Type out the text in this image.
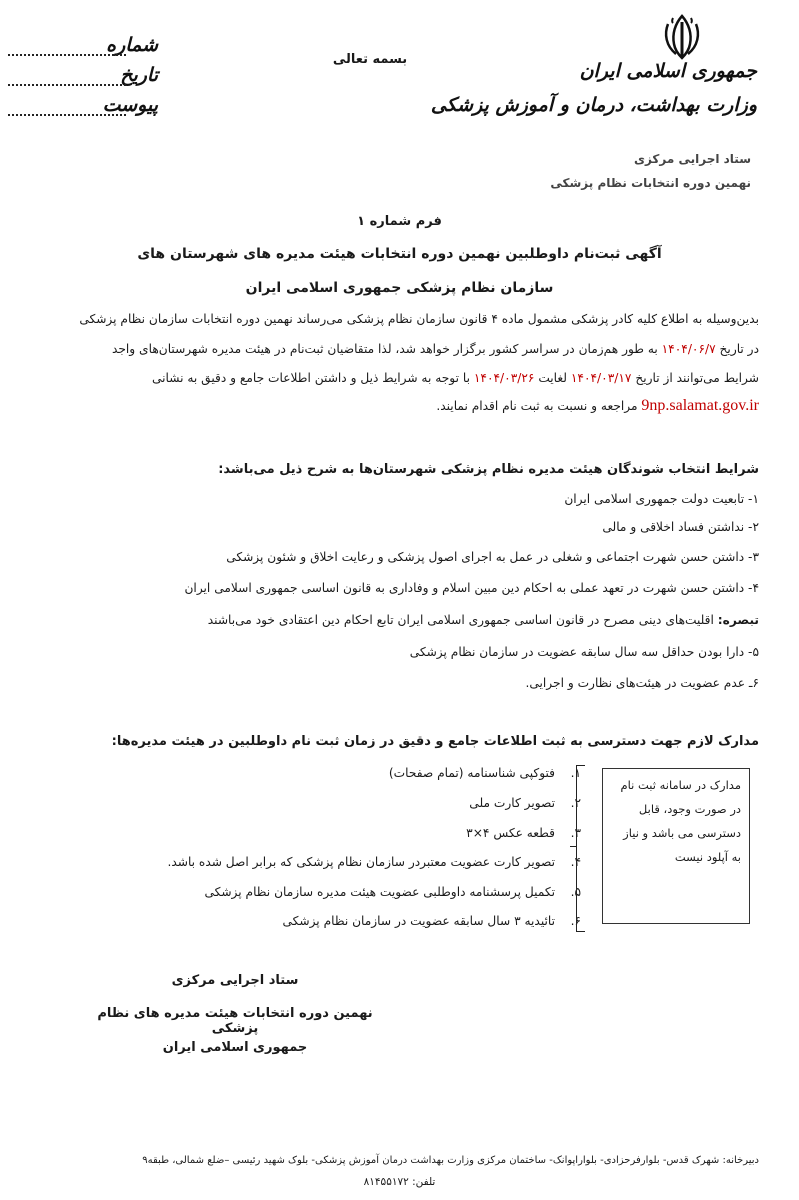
جمهوری اسلامی ایران
وزارت بهداشت، درمان و آموزش پزشکی
ستاد اجرایی مرکزی
نهمین دوره انتخابات نظام پزشکی
بسمه تعالی
شماره
تاریخ
پیوست
فرم شماره ۱
آگهی ثبت‌نام داوطلبین نهمین دوره انتخابات هیئت مدیره های شهرستان های
سازمان نظام پزشکی جمهوری اسلامی ایران
بدین‌وسیله به اطلاع کلیه کادر پزشکی مشمول ماده ۴ قانون سازمان نظام پزشکی می‌رساند نهمین دوره انتخابات سازمان نظام پزشکی
در تاریخ ۱۴۰۴/۰۶/۷ به طور هم‌زمان در سراسر کشور برگزار خواهد شد، لذا متقاضیان ثبت‌نام در هیئت مدیره شهرستان‌های واجد
شرایط می‌توانند از تاریخ ۱۴۰۴/۰۳/۱۷ لغایت ۱۴۰۴/۰۳/۲۶ با توجه به شرایط ذیل و داشتن اطلاعات جامع و دقیق به نشانی
9np.salamat.gov.ir مراجعه و نسبت به ثبت نام اقدام نمایند.
شرایط انتخاب شوندگان هیئت مدیره نظام پزشکی شهرستان‌ها به شرح ذیل می‌باشد:
۱- تابعیت دولت جمهوری اسلامی ایران
۲- نداشتن فساد اخلاقی و مالی
۳- داشتن حسن شهرت اجتماعی و شغلی در عمل به اجرای اصول پزشکی و رعایت اخلاق و شئون پزشکی
۴- داشتن حسن شهرت در تعهد عملی به احکام دین مبین اسلام و وفاداری به قانون اساسی جمهوری اسلامی ایران
تبصره: اقلیت‌های دینی مصرح در قانون اساسی جمهوری اسلامی ایران تابع احکام دین اعتقادی خود می‌باشند
۵- دارا بودن حداقل سه سال سابقه عضویت در سازمان نظام پزشکی
۶ـ عدم عضویت در هیئت‌های نظارت و اجرایی.
مدارک لازم جهت دسترسی به ثبت اطلاعات جامع و دقیق در زمان ثبت نام داوطلبین در هیئت مدیره‌ها:
۱.فتوکپی شناسنامه (تمام صفحات)
۲.تصویر کارت ملی
۳.قطعه عکس ۴×۳
۴.تصویر کارت عضویت معتبردر سازمان نظام پزشکی که برابر اصل شده باشد.
۵.تکمیل پرسشنامه داوطلبی عضویت هیئت مدیره سازمان نظام پزشکی
۶.تائیدیه ۳ سال سابقه عضویت در سازمان نظام پزشکی
مدارک در سامانه ثبت نام در صورت وجود، قابل دسترسی می باشد و نیاز به آپلود نیست
ستاد اجرایی مرکزی
نهمین دوره انتخابات هیئت مدیره های نظام پزشکی
جمهوری اسلامی ایران
دبیرخانه: شهرک قدس- بلوارفرحزادی- بلواراپوانک- ساختمان مرکزی وزارت بهداشت درمان آموزش پزشکی- بلوک شهید رئیسی –ضلع شمالی، طبقه۹
تلفن: ۸۱۴۵۵۱۷۲
